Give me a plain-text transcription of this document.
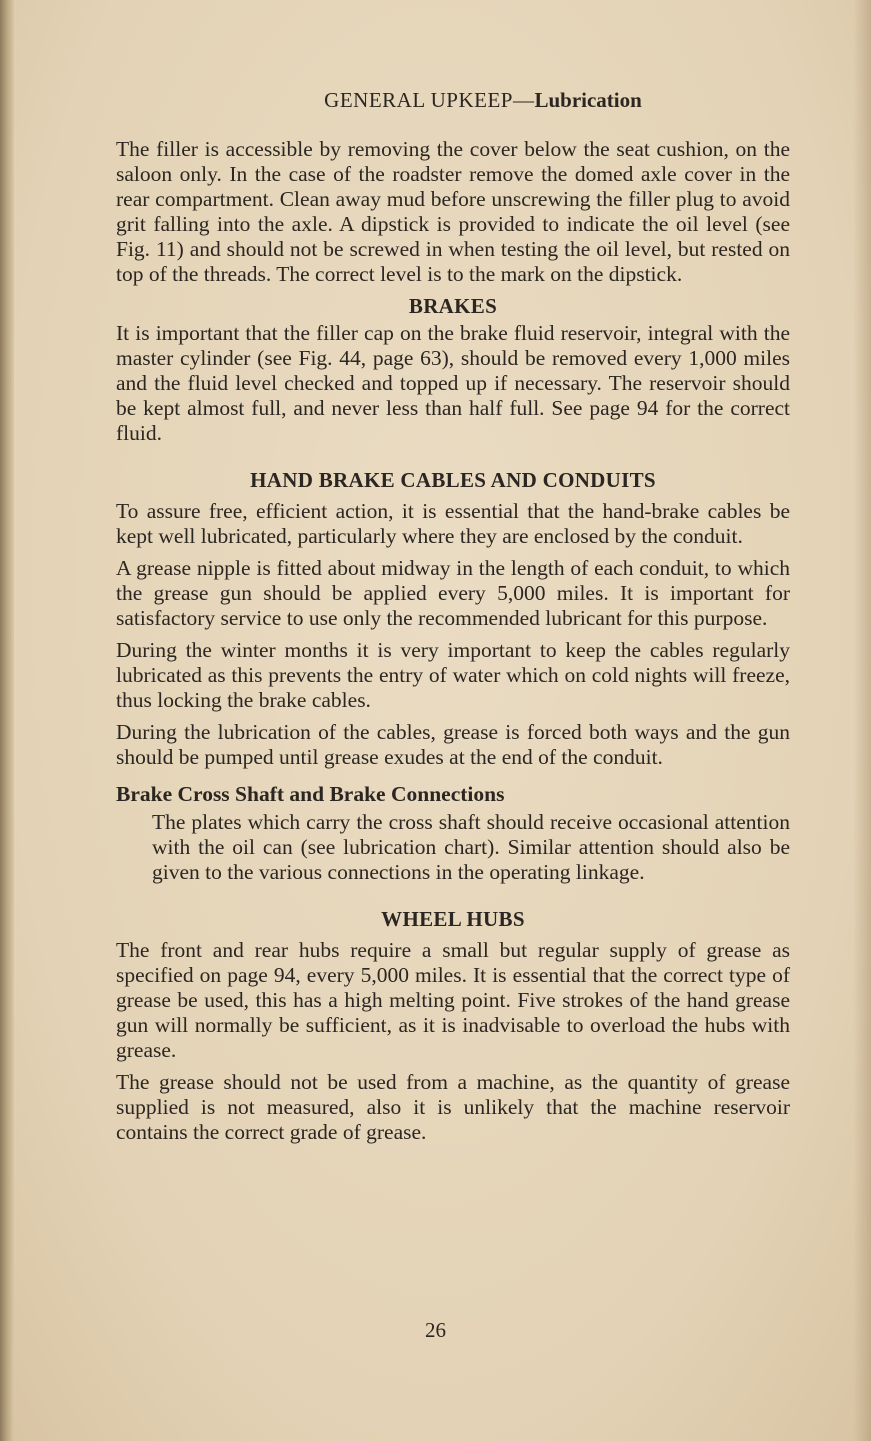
GENERAL UPKEEP—Lubrication

The filler is accessible by removing the cover below the seat cushion, on the saloon only. In the case of the roadster remove the domed axle cover in the rear compartment. Clean away mud before unscrewing the filler plug to avoid grit falling into the axle. A dipstick is provided to indicate the oil level (see Fig. 11) and should not be screwed in when testing the oil level, but rested on top of the threads. The correct level is to the mark on the dipstick.

BRAKES

It is important that the filler cap on the brake fluid reservoir, integral with the master cylinder (see Fig. 44, page 63), should be removed every 1,000 miles and the fluid level checked and topped up if necessary. The reservoir should be kept almost full, and never less than half full. See page 94 for the correct fluid.

HAND BRAKE CABLES AND CONDUITS

To assure free, efficient action, it is essential that the hand-brake cables be kept well lubricated, particularly where they are enclosed by the conduit.

A grease nipple is fitted about midway in the length of each conduit, to which the grease gun should be applied every 5,000 miles. It is important for satisfactory service to use only the recommended lubricant for this purpose.

During the winter months it is very important to keep the cables regularly lubricated as this prevents the entry of water which on cold nights will freeze, thus locking the brake cables.

During the lubrication of the cables, grease is forced both ways and the gun should be pumped until grease exudes at the end of the conduit.

Brake Cross Shaft and Brake Connections

The plates which carry the cross shaft should receive occasional attention with the oil can (see lubrication chart). Similar attention should also be given to the various connections in the operating linkage.

WHEEL HUBS

The front and rear hubs require a small but regular supply of grease as specified on page 94, every 5,000 miles. It is essential that the correct type of grease be used, this has a high melting point. Five strokes of the hand grease gun will normally be sufficient, as it is inadvisable to overload the hubs with grease.

The grease should not be used from a machine, as the quantity of grease supplied is not measured, also it is unlikely that the machine reservoir contains the correct grade of grease.

26
